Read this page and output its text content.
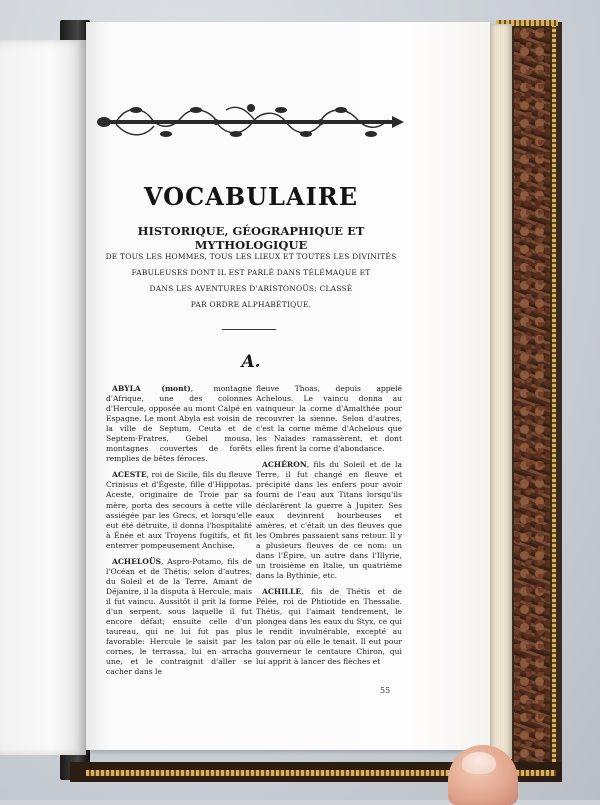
VOCABULAIRE
HISTORIQUE, GÉOGRAPHIQUE ET MYTHOLOGIQUE

DE TOUS LES HOMMES, TOUS LES LIEUX ET TOUTES LES DIVINITÉS

FABULEUSES DONT IL EST PARLÉ DANS TÉLÉMAQUE ET

DANS LES AVENTURES D'ARISTONOÜS; CLASSÉ

PAR ORDRE ALPHABÉTIQUE.

A.

ABYLA (mont), montagne d'Afrique, une des colonnes d'Hercule, opposée au mont Calpé en Espagne. Le mont Abyla est voisin de la ville de Septum, Ceuta et de Septem-Fratres, Gebel mousa, montagnes couvertes de forêts remplies de bêtes féroces.

ACESTE, roi de Sicile, fils du fleuve Crinisus et d'Égeste, fille d'Hippotas. Aceste, originaire de Troie par sa mère, porta des secours à cette ville assiégée par les Grecs, et lorsqu'elle eut été détruite, il donna l'hospitalité à Énée et aux Troyens fugitifs, et fit enterrer pompeusement Anchise.

ACHELOÜS, Aspro-Potamo, fils de l'Océan et de Thétis; selon d'autres, du Soleil et de la Terre. Amant de Déjanire, il la disputa à Hercule, mais il fut vaincu. Aussitôt il prit la forme d'un serpent, sous laquelle il fut encore défait; ensuite celle d'un taureau, qui ne lui fut pas plus favorable: Hercule le saisit par les cornes, le terrassa, lui en arracha une, et le contraignit d'aller se cacher dans le

fleuve Thoas, depuis appelé Achelous. Le vaincu donna au vainqueur la corne d'Amalthée pour recouvrer la sienne. Selon d'autres, c'est la corne même d'Achelous que les Naïades ramassèrent, et dont elles firent la corne d'abondance.

ACHÉRON, fils du Soleil et de la Terre, il fut changé en fleuve et précipité dans les enfers pour avoir fourni de l'eau aux Titans lorsqu'ils déclarèrent la guerre à Jupiter. Ses eaux devinrent bourbeuses et amères, et c'était un des fleuves que les Ombres passaient sans retour. Il y a plusieurs fleuves de ce nom: un dans l'Épire, un autre dans l'Illyrie, un troisième en Italie, un quatrième dans la Bythinie, etc.

ACHILLE, fils de Thétis et de Pélée, roi de Phtiotide en Thessalie. Thétis, qui l'aimait tendrement, le plongea dans les eaux du Styx, ce qui le rendit invulnérable, excepté au talon par où elle le tenait. Il eut pour gouverneur le centaure Chiron, qui lui apprit à lancer des flèches et

55
